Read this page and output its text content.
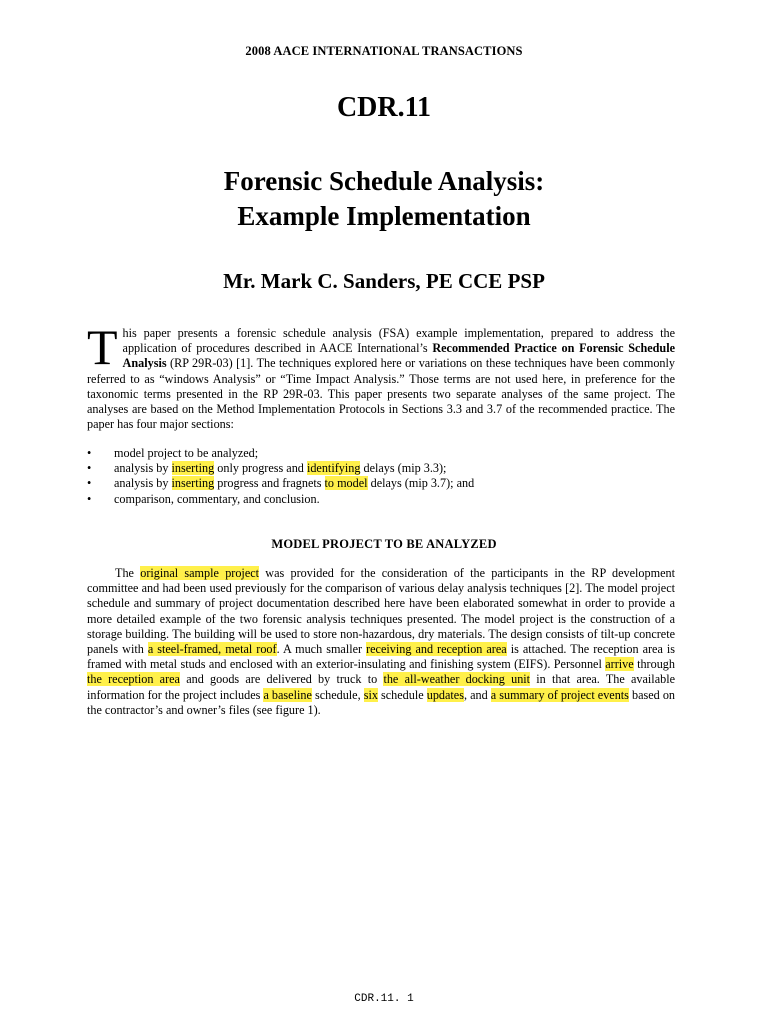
2008 AACE INTERNATIONAL TRANSACTIONS
CDR.11
Forensic Schedule Analysis:
Example Implementation
Mr. Mark C. Sanders, PE CCE PSP
T his paper presents a forensic schedule analysis (FSA) example implementation, prepared to address the application of procedures described in AACE International’s Recommended Practice on Forensic Schedule Analysis (RP 29R-03) [1]. The techniques explored here or variations on these techniques have been commonly referred to as “windows Analysis” or “Time Impact Analysis.” Those terms are not used here, in preference for the taxonomic terms presented in the RP 29R-03. This paper presents two separate analyses of the same project. The analyses are based on the Method Implementation Protocols in Sections 3.3 and 3.7 of the recommended practice. The paper has four major sections:

• model project to be analyzed;
• analysis by inserting only progress and identifying delays (mip 3.3);
• analysis by inserting progress and fragnets to model delays (mip 3.7); and
• comparison, commentary, and conclusion.
MODEL PROJECT TO BE ANALYZED

The original sample project was provided for the consideration of the participants in the RP development committee and had been used previously for the comparison of various delay analysis techniques [2]. The model project schedule and summary of project documentation described here have been elaborated somewhat in order to provide a more detailed example of the two forensic analysis techniques presented. The model project is the construction of a storage building. The building will be used to store non-hazardous, dry materials. The design consists of tilt-up concrete panels with a steel-framed, metal roof. A much smaller receiving and reception area is attached. The reception area is framed with metal studs and enclosed with an exterior-insulating and finishing system (EIFS). Personnel arrive through the reception area and goods are delivered by truck to the all-weather docking unit in that area. The available information for the project includes a baseline schedule, six schedule updates, and a summary of project events based on the contractor’s and owner’s files (see figure 1).

CDR.11. 1
